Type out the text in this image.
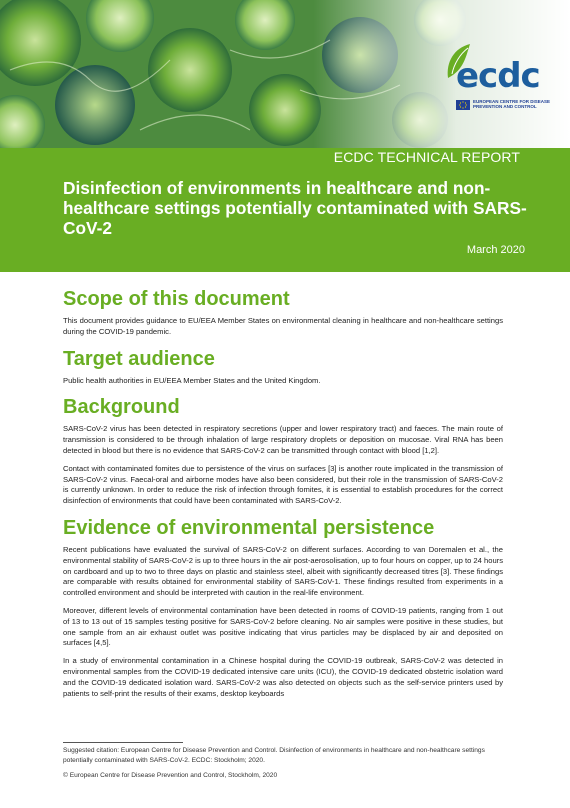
ecdc
EUROPEAN CENTRE FOR DISEASE PREVENTION AND CONTROL
ECDC TECHNICAL REPORT
Disinfection of environments in healthcare and non-healthcare settings potentially contaminated with SARS-CoV-2
March 2020
Scope of this document

This document provides guidance to EU/EEA Member States on environmental cleaning in healthcare and non-healthcare settings during the COVID-19 pandemic.

Target audience

Public health authorities in EU/EEA Member States and the United Kingdom.

Background

SARS-CoV-2 virus has been detected in respiratory secretions (upper and lower respiratory tract) and faeces. The main route of transmission is considered to be through inhalation of large respiratory droplets or deposition on mucosae. Viral RNA has been detected in blood but there is no evidence that SARS-CoV-2 can be transmitted through contact with blood [1,2].

Contact with contaminated fomites due to persistence of the virus on surfaces [3] is another route implicated in the transmission of SARS-CoV-2 virus. Faecal-oral and airborne modes have also been considered, but their role in the transmission of SARS-CoV-2 is currently unknown. In order to reduce the risk of infection through fomites, it is essential to establish procedures for the correct disinfection of environments that could have been contaminated with SARS-CoV-2.

Evidence of environmental persistence

Recent publications have evaluated the survival of SARS-CoV-2 on different surfaces. According to van Doremalen et al., the environmental stability of SARS-CoV-2 is up to three hours in the air post-aerosolisation, up to four hours on copper, up to 24 hours on cardboard and up to two to three days on plastic and stainless steel, albeit with significantly decreased titres [3]. These findings are comparable with results obtained for environmental stability of SARS-CoV-1. These findings resulted from experiments in a controlled environment and should be interpreted with caution in the real-life environment.

Moreover, different levels of environmental contamination have been detected in rooms of COVID-19 patients, ranging from 1 out of 13 to 13 out of 15 samples testing positive for SARS-CoV-2 before cleaning. No air samples were positive in these studies, but one sample from an air exhaust outlet was positive indicating that virus particles may be displaced by air and deposited on surfaces [4,5].

In a study of environmental contamination in a Chinese hospital during the COVID-19 outbreak, SARS-CoV-2 was detected in environmental samples from the COVID-19 dedicated intensive care units (ICU), the COVID-19 dedicated obstetric isolation ward and the COVID-19 dedicated isolation ward. SARS-CoV-2 was also detected on objects such as the self-service printers used by patients to self-print the results of their exams, desktop keyboards

Suggested citation: European Centre for Disease Prevention and Control. Disinfection of environments in healthcare and non-healthcare settings potentially contaminated with SARS-CoV-2. ECDC: Stockholm; 2020.

© European Centre for Disease Prevention and Control, Stockholm, 2020
